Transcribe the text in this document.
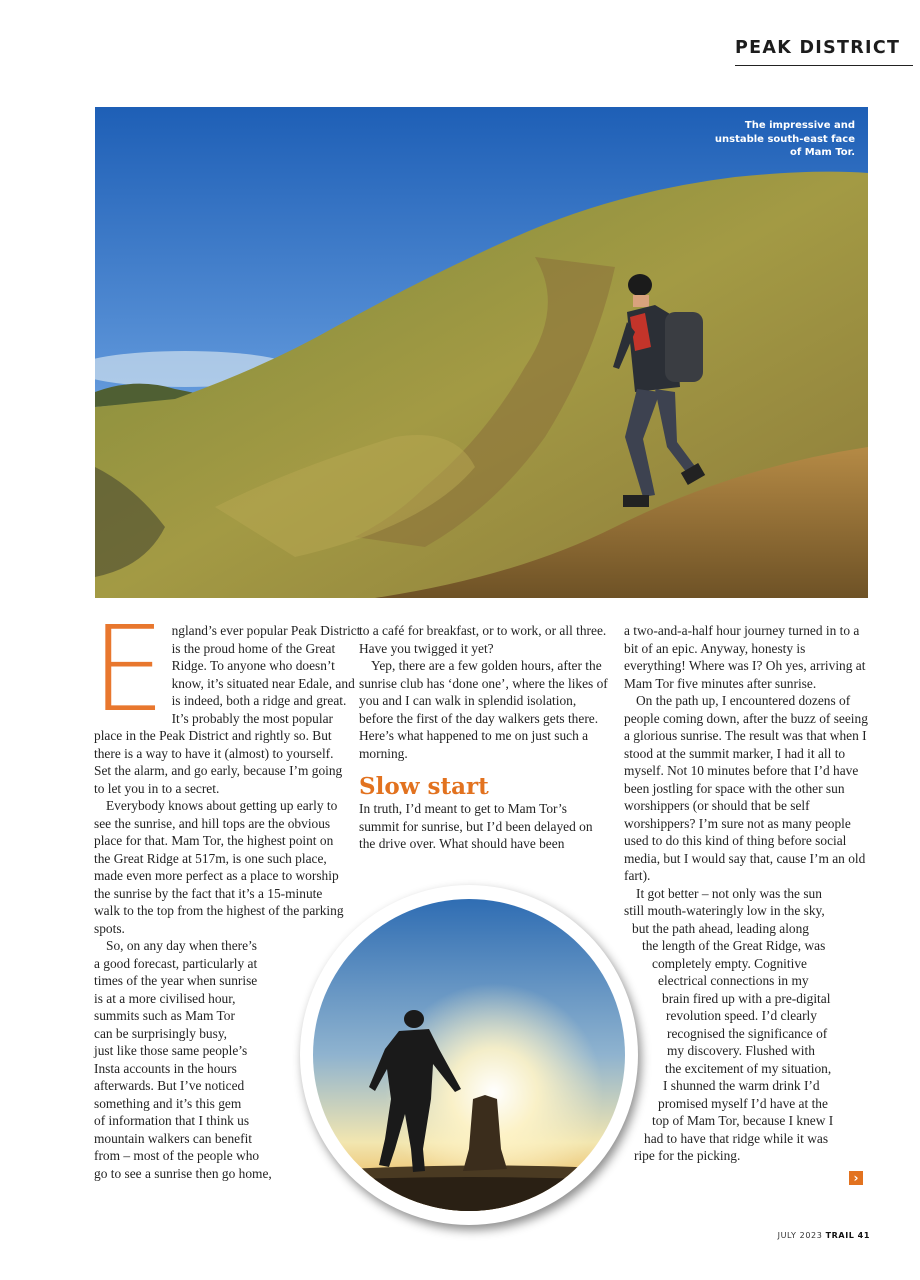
PEAK DISTRICT
The impressive and unstable south-east face of Mam Tor.
E ngland’s ever popular Peak District
is the proud home of the Great
Ridge. To anyone who doesn’t
know, it’s situated near Edale, and
is indeed, both a ridge and great.
It’s probably the most popular

place in the Peak District and rightly so. But there is a way to have it (almost) to yourself. Set the alarm, and go early, because I’m going to let you in to a secret.

Everybody knows about getting up early to see the sunrise, and hill tops are the obvious place for that. Mam Tor, the highest point on the Great Ridge at 517m, is one such place, made even more perfect as a place to worship the sunrise by the fact that it’s a 15-minute walk to the top from the highest of the parking spots.

So, on any day when there’s
a good forecast, particularly at
times of the year when sunrise
is at a more civilised hour,
summits such as Mam Tor
can be surprisingly busy,
just like those same people’s
Insta accounts in the hours
afterwards. But I’ve noticed
something and it’s this gem
of information that I think us
mountain walkers can benefit
from – most of the people who
go to see a sunrise then go home,

to a café for breakfast, or to work, or all three. Have you twigged it yet?

Yep, there are a few golden hours, after the sunrise club has ‘done one’, where the likes of you and I can walk in splendid isolation, before the first of the day walkers gets there. Here’s what happened to me on just such a morning.

Slow start

In truth, I’d meant to get to Mam Tor’s summit for sunrise, but I’d been delayed on the drive over. What should have been

a two-and-a-half hour journey turned in to a bit of an epic. Anyway, honesty is everything! Where was I? Oh yes, arriving at Mam Tor five minutes after sunrise.

On the path up, I encountered dozens of people coming down, after the buzz of seeing a glorious sunrise. The result was that when I stood at the summit marker, I had it all to myself. Not 10 minutes before that I’d have been jostling for space with the other sun worshippers (or should that be self worshippers? I’m sure not as many people used to do this kind of thing before social media, but I would say that, cause I’m an old fart).

It got better – not only was the sun
still mouth-wateringly low in the sky,
but the path ahead, leading along
the length of the Great Ridge, was
completely empty. Cognitive
electrical connections in my
brain fired up with a pre-digital
revolution speed. I’d clearly
recognised the significance of
my discovery. Flushed with
the excitement of my situation,
I shunned the warm drink I’d
promised myself I’d have at the
top of Mam Tor, because I knew I
had to have that ridge while it was
ripe for the picking.
›
JULY 2023 TRAIL 41
